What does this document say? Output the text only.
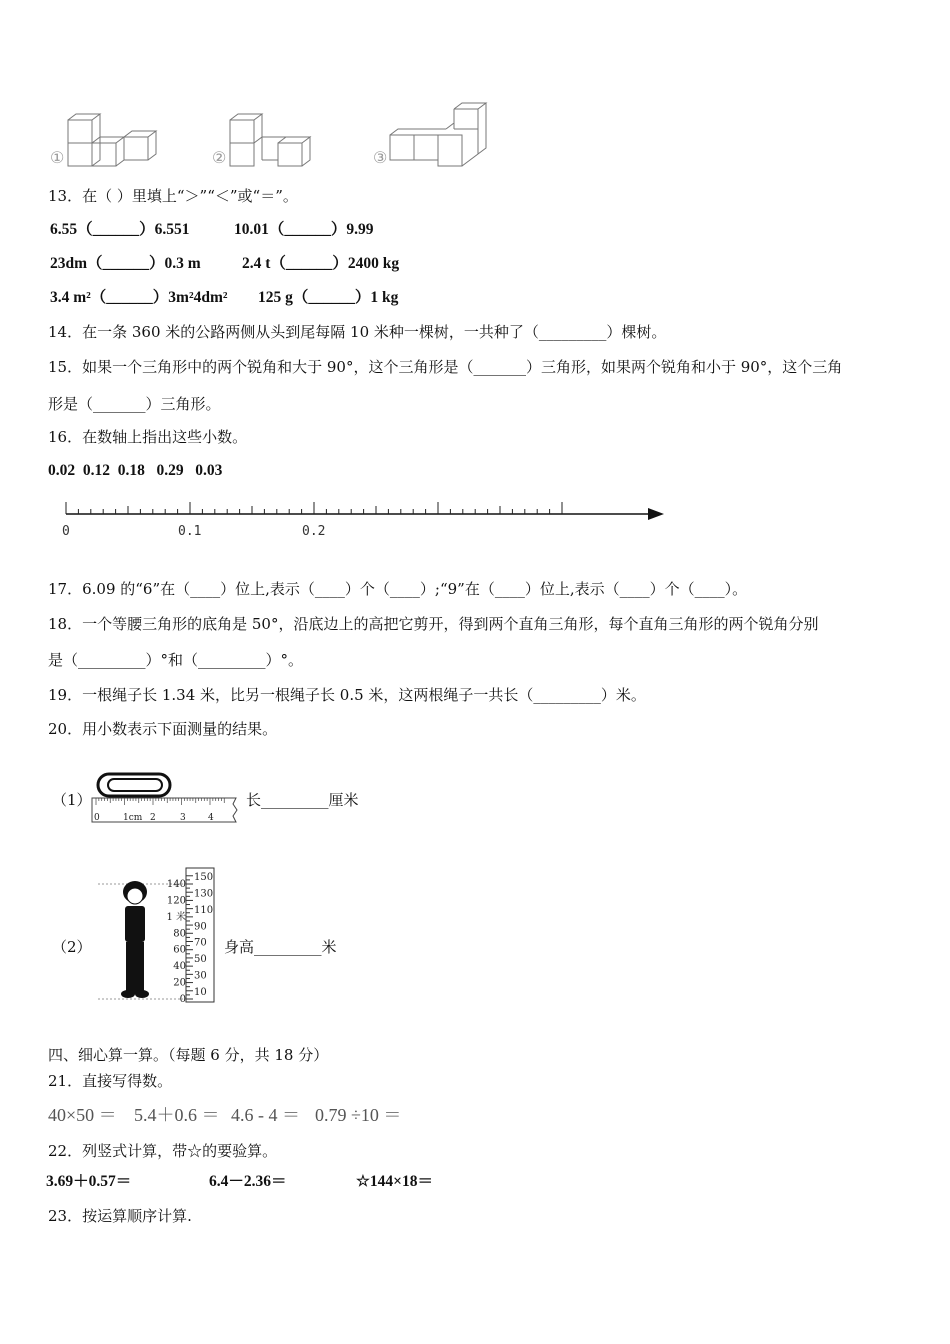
①	②	③
13．在（ ）里填上“＞”“＜”或“＝”。
6.55（______）6.551	10.01（______）9.99
23dm（______）0.3 m	2.4 t（______）2400 kg
3.4 m²（______）3m²4dm² 125 g（______）1 kg
14．在一条 360 米的公路两侧从头到尾每隔 10 米种一棵树，一共种了（_________）棵树。
15．如果一个三角形中的两个锐角和大于 90°，这个三角形是（_______）三角形，如果两个锐角和小于 90°，这个三角
形是（_______）三角形。
16．在数轴上指出这些小数。
0.02  0.12  0.18   0.29   0.03
0	0.1	0.2
17．6.09 的“6”在（____）位上,表示（____）个（____）;“9”在（____）位上,表示（____）个（____）。
18．一个等腰三角形的底角是 50°，沿底边上的高把它剪开，得到两个直角三角形，每个直角三角形的两个锐角分别
是（_________）°和（_________）°。
19．一根绳子长 1.34 米，比另一根绳子长 0.5 米，这两根绳子一共长（_________）米。
20．用小数表示下面测量的结果。
（1）
0	1cm 2	3 4
长_________厘米
（2）
140
120
1 米
80
60
40
20
0
150
130
110
90
70
50
30
10
身高_________米
四、细心算一算。（每题 6 分，共 18 分）
21．直接写得数。
40×50 ＝ 5.4＋0.6 ＝ 4.6 - 4 ＝ 0.79 ÷10 ＝
22．列竖式计算，带☆的要验算。
3.69＋0.57＝	6.4－2.36＝	☆144×18＝
23．按运算顺序计算.
